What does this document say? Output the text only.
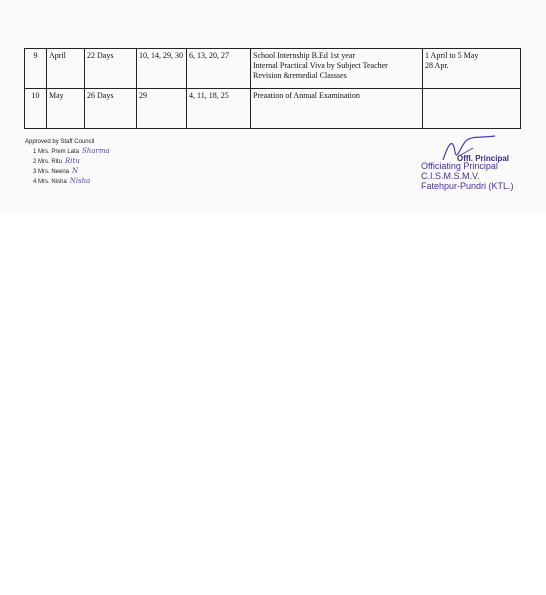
9	April	22 Days	10, 14, 29, 30	6, 13, 20, 27	School Internship B.Ed 1st year
Internal Practical Viva by Subject Teacher
Revision &remedial Classses	1 April to 5 May
28 Apr.

10	May	26 Days	29	4, 11, 18, 25	Preaation of Annual Examination	

Approved by Staff Council
1 Mrs. Prem Lata Sharma
2 Mrs. Ritu Ritu
3 Mrs. Neena N
4 Mrs. Nisha Nisha
Offl. Principal
Officiating Principal
C.I.S.M.S.M.V.
Fatehpur-Pundri (KTL.)
